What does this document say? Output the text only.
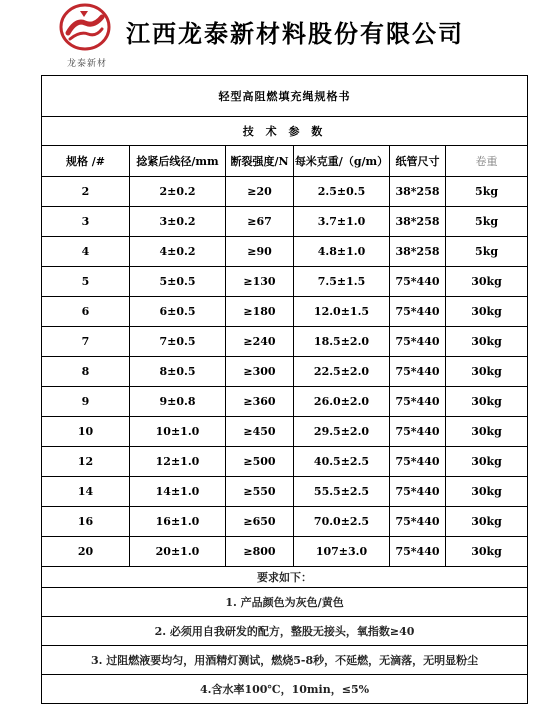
龙泰新材
江西龙泰新材料股份有限公司
轻型高阻燃填充绳规格书					
技 术 参 数					
规格 /#	捻紧后线径/mm	断裂强度/N	每米克重/（g/m）	纸管尺寸	卷重
2	2±0.2	≥20	2.5±0.5	38*258	5kg
3	3±0.2	≥67	3.7±1.0	38*258	5kg
4	4±0.2	≥90	4.8±1.0	38*258	5kg
5	5±0.5	≥130	7.5±1.5	75*440	30kg
6	6±0.5	≥180	12.0±1.5	75*440	30kg
7	7±0.5	≥240	18.5±2.0	75*440	30kg
8	8±0.5	≥300	22.5±2.0	75*440	30kg
9	9±0.8	≥360	26.0±2.0	75*440	30kg
10	10±1.0	≥450	29.5±2.0	75*440	30kg
12	12±1.0	≥500	40.5±2.5	75*440	30kg
14	14±1.0	≥550	55.5±2.5	75*440	30kg
16	16±1.0	≥650	70.0±2.5	75*440	30kg
20	20±1.0	≥800	107±3.0	75*440	30kg
要求如下：					
1. 产品颜色为灰色/黄色					
2. 必须用自我研发的配方，整股无接头，氧指数≥40					
3. 过阻燃液要均匀，用酒精灯测试，燃烧5-8秒，不延燃，无滴落，无明显粉尘					
4.含水率100℃，10min，≤5%					
